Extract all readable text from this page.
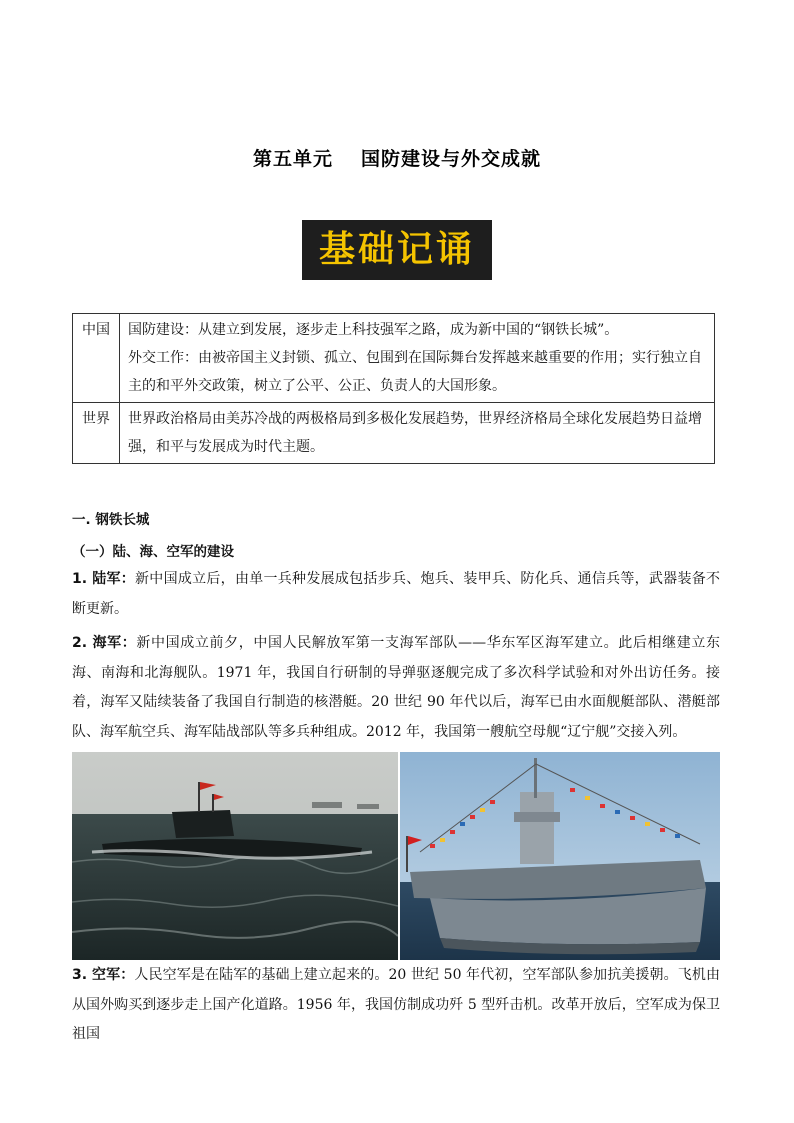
第五单元 国防建设与外交成就
基础记诵
中国	国防建设：从建立到发展，逐步走上科技强军之路，成为新中国的“钢铁长城”。
外交工作：由被帝国主义封锁、孤立、包围到在国际舞台发挥越来越重要的作用；实行独立自主的和平外交政策，树立了公平、公正、负责人的大国形象。

世界	世界政治格局由美苏冷战的两极格局到多极化发展趋势，世界经济格局全球化发展趋势日益增强，和平与发展成为时代主题。
一. 钢铁长城
（一）陆、海、空军的建设
1. 陆军：新中国成立后，由单一兵种发展成包括步兵、炮兵、装甲兵、防化兵、通信兵等，武器装备不断更新。
2. 海军：新中国成立前夕，中国人民解放军第一支海军部队——华东军区海军建立。此后相继建立东海、南海和北海舰队。1971 年，我国自行研制的导弹驱逐舰完成了多次科学试验和对外出访任务。接着，海军又陆续装备了我国自行制造的核潜艇。20 世纪 90 年代以后，海军已由水面舰艇部队、潜艇部队、海军航空兵、海军陆战部队等多兵种组成。2012 年，我国第一艘航空母舰“辽宁舰”交接入列。
3. 空军：人民空军是在陆军的基础上建立起来的。20 世纪 50 年代初，空军部队参加抗美援朝。飞机由从国外购买到逐步走上国产化道路。1956 年，我国仿制成功歼 5 型歼击机。改革开放后，空军成为保卫祖国
